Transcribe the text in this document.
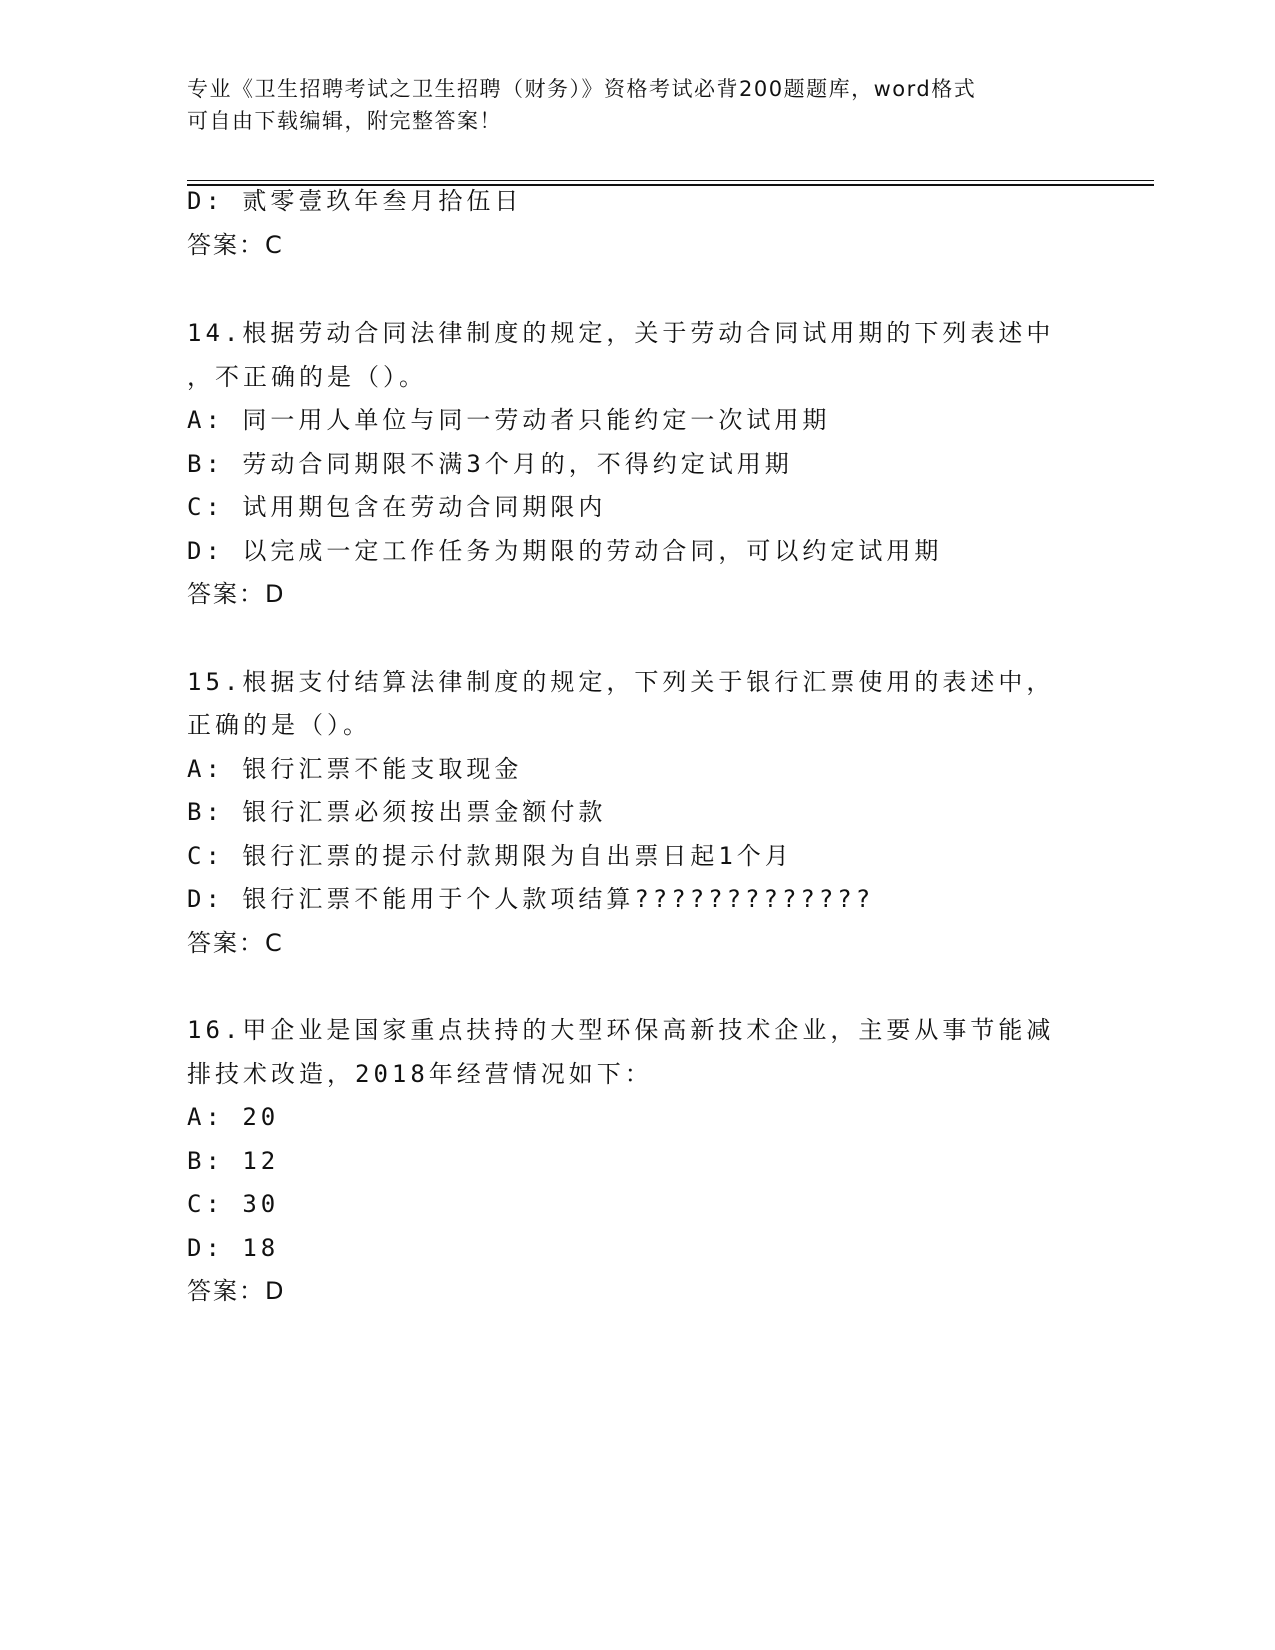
专业《卫生招聘考试之卫生招聘（财务）》资格考试必背200题题库，word格式
可自由下载编辑，附完整答案！
D: 贰零壹玖年叁月拾伍日
答案：C
14.根据劳动合同法律制度的规定，关于劳动合同试用期的下列表述中
，不正确的是（）。
A: 同一用人单位与同一劳动者只能约定一次试用期
B: 劳动合同期限不满3个月的，不得约定试用期
C: 试用期包含在劳动合同期限内
D: 以完成一定工作任务为期限的劳动合同，可以约定试用期
答案：D
15.根据支付结算法律制度的规定，下列关于银行汇票使用的表述中，
正确的是（）。
A: 银行汇票不能支取现金
B: 银行汇票必须按出票金额付款
C: 银行汇票的提示付款期限为自出票日起1个月
D: 银行汇票不能用于个人款项结算?????????????
答案：C
16.甲企业是国家重点扶持的大型环保高新技术企业，主要从事节能减
排技术改造，2018年经营情况如下：
A: 20
B: 12
C: 30
D: 18
答案：D
